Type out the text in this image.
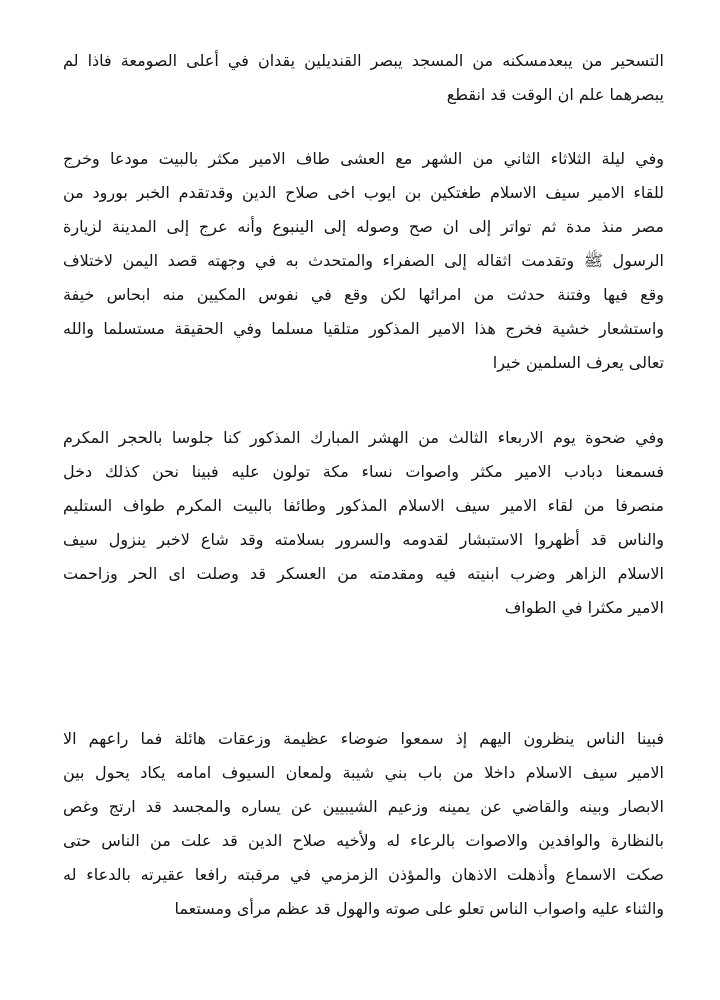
التسحير من يبعدمسكنه من المسجد يبصر القنديلين يقدان في أعلى الصومعة فاذا لم
يبصرهما علم ان الوقت قد انقطع
وفي ليلة الثلاثاء الثاني من الشهر مع العشى طاف الامير مكثر بالبيت مودعا وخرج
للقاء الامير سيف الاسلام طغتكين بن ايوب اخى صلاح الدين وقدتقدم الخبر بورود من
مصر منذ مدة ثم تواتر إلى ان صح وصوله إلى الينبوع وأنه عرج إلى المدينة لزيارة
الرسول ﷺ وتقدمت اثقاله إلى الصفراء والمتحدث به في وجهته قصد اليمن لاختلاف
وقع فيها وفتنة حدثت من امرائها لكن وقع في نفوس المكيين منه ابحاس خيفة
واستشعار خشية فخرج هذا الامير المذكور متلقيا مسلما وفي الحقيقة مستسلما والله
تعالى يعرف السلمين خيرا
وفي ضحوة يوم الاربعاء الثالث من الهشر المبارك المذكور كنا جلوسا بالحجر المكرم
فسمعنا دبادب الامير مكثر واصوات نساء مكة تولون عليه فبينا نحن كذلك دخل
منصرفا من لقاء الامير سيف الاسلام المذكور وطائفا بالبيت المكرم طواف الستليم
والناس قد أظهروا الاستبشار لقدومه والسرور بسلامته وقد شاع لاخبر ينزول سيف
الاسلام الزاهر وضرب ابنيته فيه ومقدمته من العسكر قد وصلت اى الحر وزاحمت
الامير مكثرا في الطواف
فبينا الناس ينظرون اليهم إذ سمعوا ضوضاء عظيمة وزعقات هائلة فما راعهم الا
الامير سيف الاسلام داخلا من باب بني شيبة ولمعان السيوف امامه يكاد يحول بين
الابصار وبينه والقاضي عن يمينه وزعيم الشيبيين عن يساره والمجسد قد ارتج وغص
بالنظارة والوافدين والاصوات بالرعاء له ولأخيه صلاح الدين قد علت من الناس حتى
صكت الاسماع وأذهلت الاذهان والمؤذن الزمزمي في مرقبته رافعا عقيرته بالدعاء له
والثناء عليه واصواب الناس تعلو على صوته والهول قد عظم مرأى ومستعما
